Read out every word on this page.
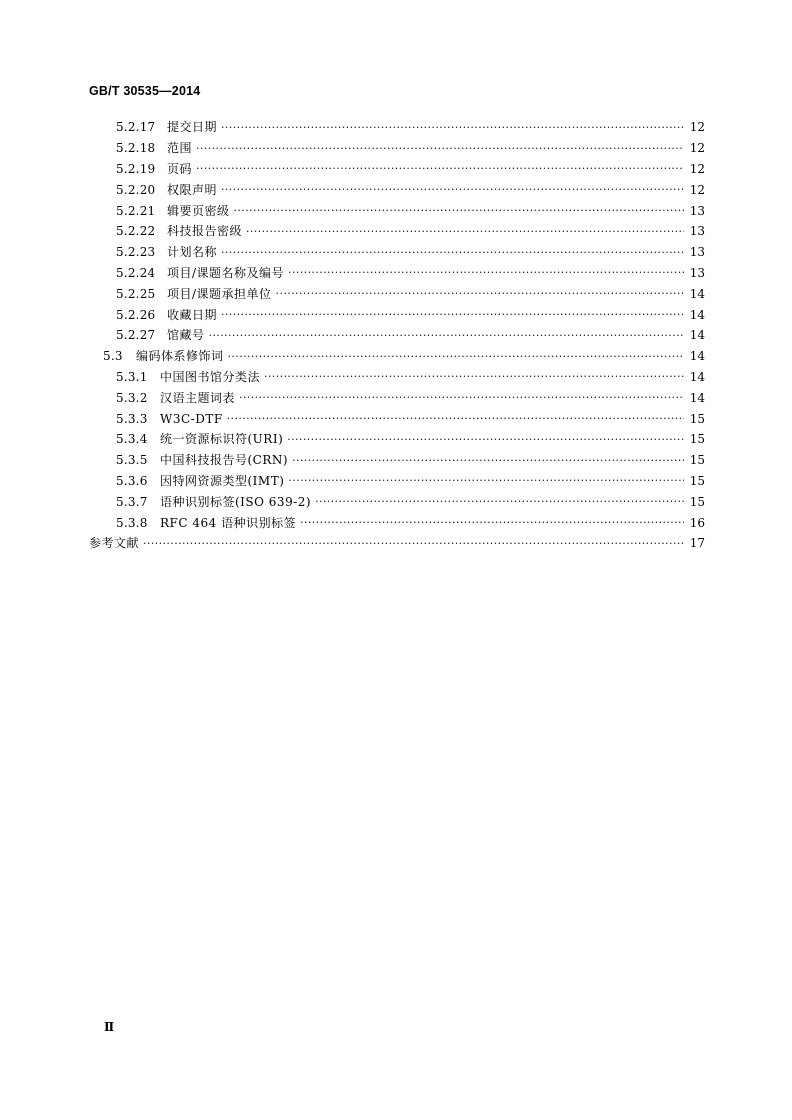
GB/T 30535—2014
5.2.17 提交日期 ·····	12
5.2.18 范围 ·····	12
5.2.19 页码 ·····	12
5.2.20 权限声明 ·····	12
5.2.21 辑要页密级 ·····	13
5.2.22 科技报告密级 ·····	13
5.2.23 计划名称 ·····	13
5.2.24 项目/课题名称及编号 ·····	13
5.2.25 项目/课题承担单位 ·····	14
5.2.26 收藏日期 ·····	14
5.2.27 馆藏号 ·····	14
5.3	编码体系修饰词 ·····	14
5.3.1	中国图书馆分类法 ·····	14
5.3.2	汉语主题词表 ·····	14
5.3.3	W3C-DTF ·····	15
5.3.4	统一资源标识符(URI) ·····	15
5.3.5	中国科技报告号(CRN) ·····	15
5.3.6	因特网资源类型(IMT) ·····	15
5.3.7	语种识别标签(ISO 639-2) ·····	15
5.3.8	RFC 464 语种识别标签 ·····	16
参考文献 ·····	17
Ⅱ
